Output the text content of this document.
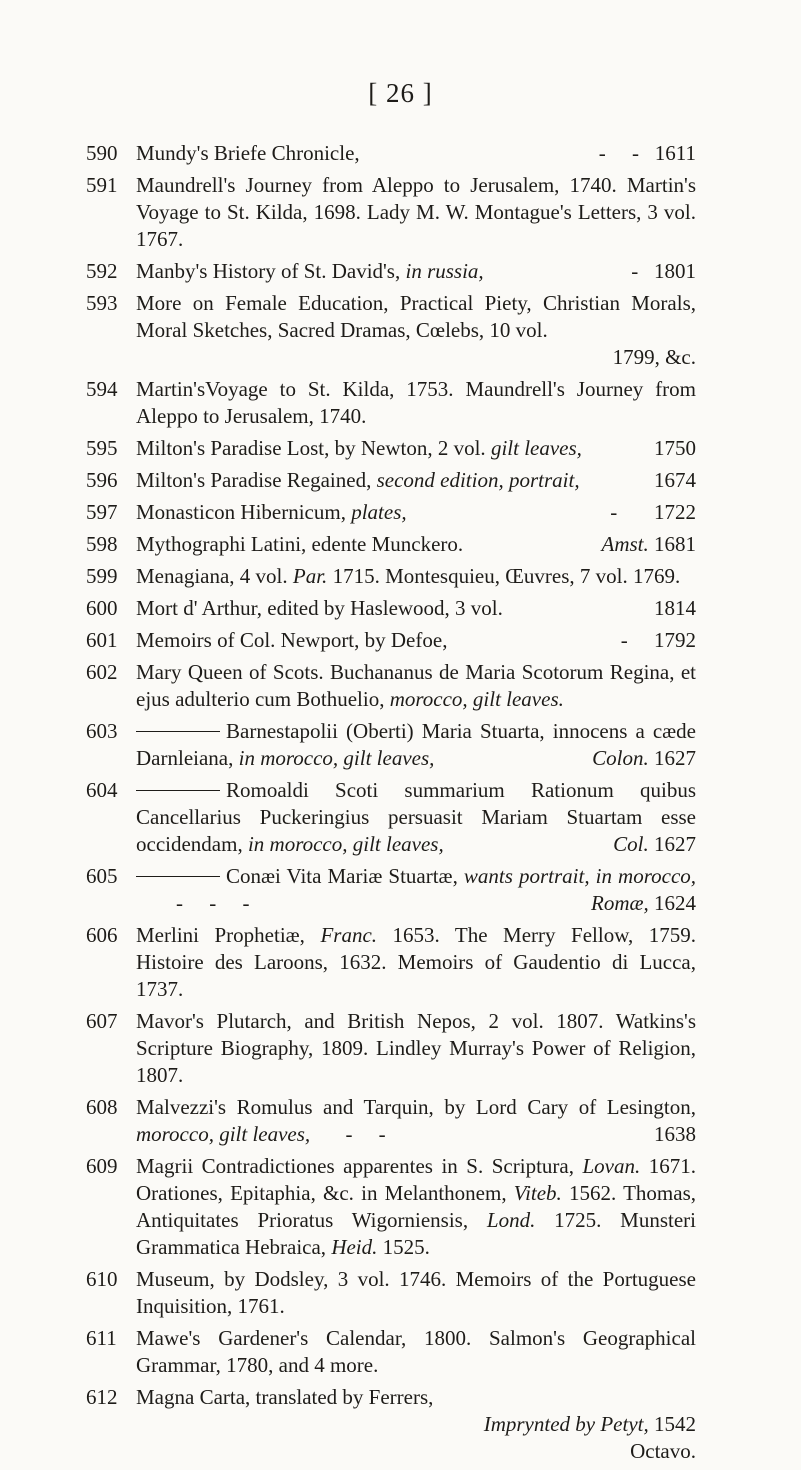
[ 26 ]
590 Mundy's Briefe Chronicle,	-     -   1611
591 Maundrell's Journey from Aleppo to Jerusalem, 1740. Martin's Voyage to St. Kilda, 1698. Lady M. W. Montague's Letters, 3 vol. 1767.
592 Manby's History of St. David's, in russia,	-   1801
593 More on Female Education, Practical Piety, Christian Morals, Moral Sketches, Sacred Dramas, Cœlebs, 10 vol.
1799, &c.
594 Martin'sVoyage to St. Kilda, 1753. Maundrell's Journey from Aleppo to Jerusalem, 1740.
595 Milton's Paradise Lost, by Newton, 2 vol. gilt leaves,	1750
596 Milton's Paradise Regained, second edition, portrait,	1674
597 Monasticon Hibernicum, plates,	-       1722
598 Mythographi Latini, edente Munckero.	Amst. 1681
599 Menagiana, 4 vol. Par. 1715. Montesquieu, Œuvres, 7 vol. 1769.
600 Mort d' Arthur, edited by Haslewood, 3 vol.	1814
601 Memoirs of Col. Newport, by Defoe,	-     1792
602 Mary Queen of Scots. Buchananus de Maria Scotorum Regina, et ejus adulterio cum Bothuelio, morocco, gilt leaves.
603	Barnestapolii (Oberti) Maria Stuarta, innocens a cæde Darnleiana, in morocco, gilt leaves,	Colon. 1627
604	Romoaldi Scoti summarium Rationum quibus Cancellarius Puckeringius persuasit Mariam Stuartam esse occidendam, in morocco, gilt leaves,	Col. 1627
605	Conæi Vita Mariæ Stuartæ, wants portrait, in morocco, -     -     -	Romæ, 1624
606 Merlini Prophetiæ, Franc. 1653. The Merry Fellow, 1759. Histoire des Laroons, 1632. Memoirs of Gaudentio di Lucca, 1737.
607 Mavor's Plutarch, and British Nepos, 2 vol. 1807. Watkins's Scripture Biography, 1809. Lindley Murray's Power of Religion, 1807.
608 Malvezzi's Romulus and Tarquin, by Lord Cary of Lesington, morocco, gilt leaves, -     -	1638
609 Magrii Contradictiones apparentes in S. Scriptura, Lovan. 1671. Orationes, Epitaphia, &c. in Melanthonem, Viteb. 1562. Thomas, Antiquitates Prioratus Wigorniensis, Lond. 1725. Munsteri Grammatica Hebraica, Heid. 1525.
610 Museum, by Dodsley, 3 vol. 1746. Memoirs of the Portuguese Inquisition, 1761.
611 Mawe's Gardener's Calendar, 1800. Salmon's Geographical Grammar, 1780, and 4 more.
612 Magna Carta, translated by Ferrers,
Imprynted by Petyt, 1542
Octavo.
